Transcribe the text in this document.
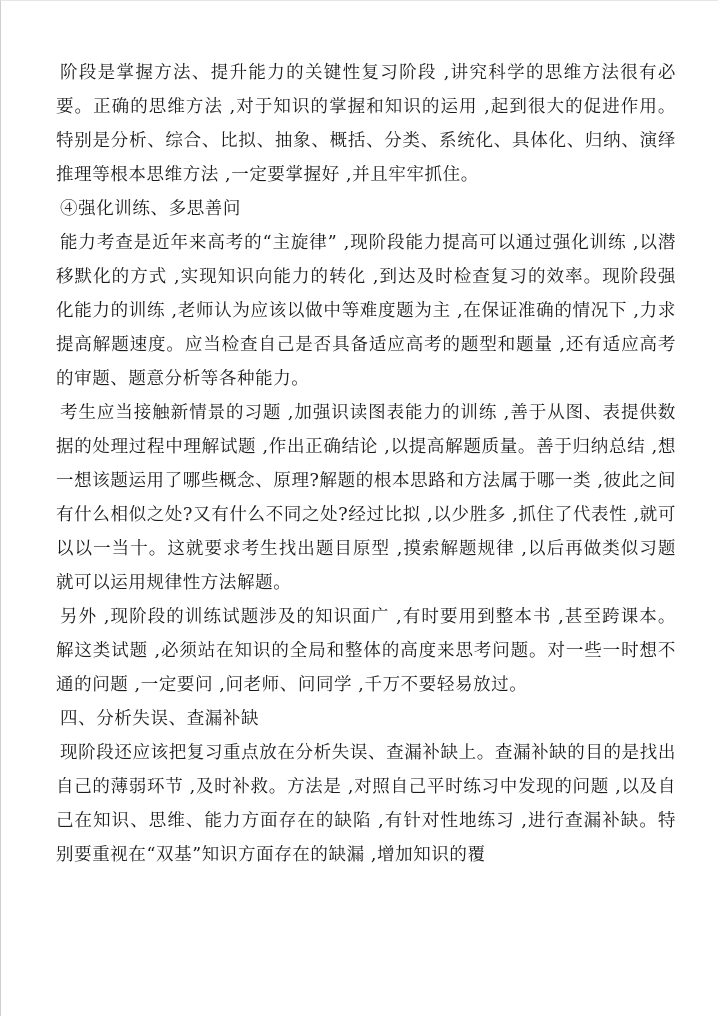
阶段是掌握方法、提升能力的关键性复习阶段 ,讲究科学的思维方法很有必要。正确的思维方法 ,对于知识的掌握和知识的运用 ,起到很大的促进作用。特别是分析、综合、比拟、抽象、概括、分类、系统化、具体化、归纳、演绎推理等根本思维方法 ,一定要掌握好 ,并且牢牢抓住。

④强化训练、多思善问

能力考查是近年来高考的“主旋律” ,现阶段能力提高可以通过强化训练 ,以潜移默化的方式 ,实现知识向能力的转化 ,到达及时检查复习的效率。现阶段强化能力的训练 ,老师认为应该以做中等难度题为主 ,在保证准确的情况下 ,力求提高解题速度。应当检查自己是否具备适应高考的题型和题量 ,还有适应高考的审题、题意分析等各种能力。

考生应当接触新情景的习题 ,加强识读图表能力的训练 ,善于从图、表提供数据的处理过程中理解试题 ,作出正确结论 ,以提高解题质量。善于归纳总结 ,想一想该题运用了哪些概念、原理?解题的根本思路和方法属于哪一类 ,彼此之间有什么相似之处?又有什么不同之处?经过比拟 ,以少胜多 ,抓住了代表性 ,就可以以一当十。这就要求考生找出题目原型 ,摸索解题规律 ,以后再做类似习题就可以运用规律性方法解题。

另外 ,现阶段的训练试题涉及的知识面广 ,有时要用到整本书 ,甚至跨课本。解这类试题 ,必须站在知识的全局和整体的高度来思考问题。对一些一时想不通的问题 ,一定要问 ,问老师、问同学 ,千万不要轻易放过。

四、分析失误、查漏补缺

现阶段还应该把复习重点放在分析失误、查漏补缺上。查漏补缺的目的是找出自己的薄弱环节 ,及时补救。方法是 ,对照自己平时练习中发现的问题 ,以及自己在知识、思维、能力方面存在的缺陷 ,有针对性地练习 ,进行查漏补缺。特别要重视在“双基”知识方面存在的缺漏 ,增加知识的覆
